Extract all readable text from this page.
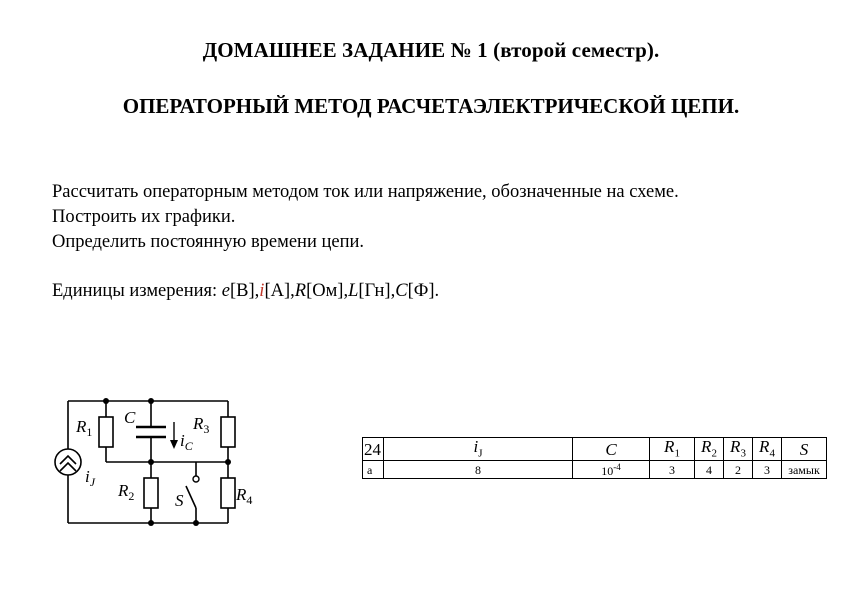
ДОМАШНЕЕ ЗАДАНИЕ № 1 (второй семестр).
ОПЕРАТОРНЫЙ МЕТОД РАСЧЕТАЭЛЕКТРИЧЕСКОЙ ЦЕПИ.
Рассчитать операторным методом ток или напряжение, обозначенные на схеме.
Построить их графики.
Определить постоянную времени цепи.
Единицы измерения: e[В],i[А],R[Ом],L[Гн],C[Ф].
$R_1$
$R_2$
$R_3$
$R_4$
C
$i_C$
$i_J$
S
24	$i_J$	C	$R_1$	$R_2$	$R_3$	$R_4$	S
а	8	$10^{-4}$	3	4	2	3	замык
